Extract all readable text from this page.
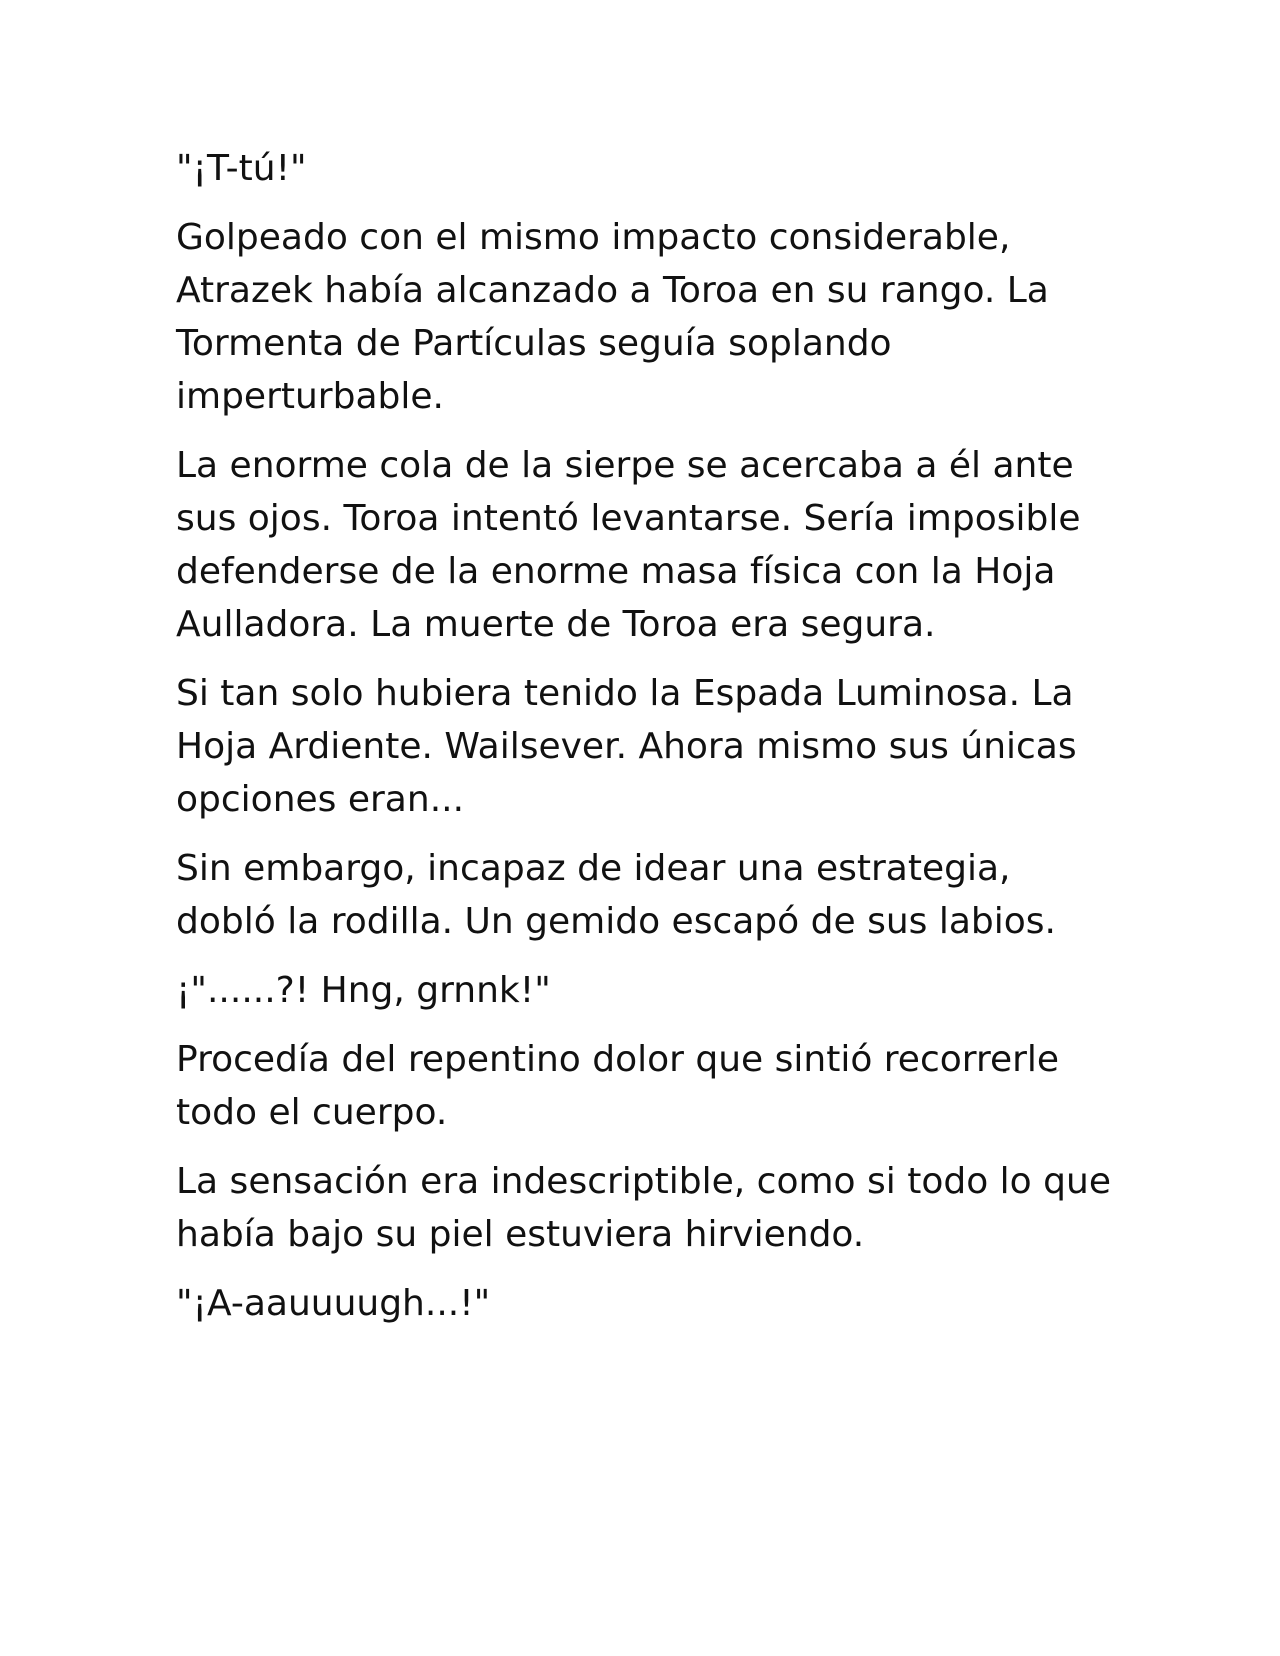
"¡T-tú!"

Golpeado con el mismo impacto considerable, Atrazek había alcanzado a Toroa en su rango. La Tormenta de Partículas seguía soplando imperturbable.

La enorme cola de la sierpe se acercaba a él ante sus ojos. Toroa intentó levantarse. Sería imposible defenderse de la enorme masa física con la Hoja Aulladora. La muerte de Toroa era segura.

Si tan solo hubiera tenido la Espada Luminosa. La Hoja Ardiente. Wailsever. Ahora mismo sus únicas opciones eran...

Sin embargo, incapaz de idear una estrategia, dobló la rodilla. Un gemido escapó de sus labios.

¡"......?! Hng, grnnk!"

Procedía del repentino dolor que sintió recorrerle todo el cuerpo.

La sensación era indescriptible, como si todo lo que había bajo su piel estuviera hirviendo.

"¡A-aauuuugh...!"
